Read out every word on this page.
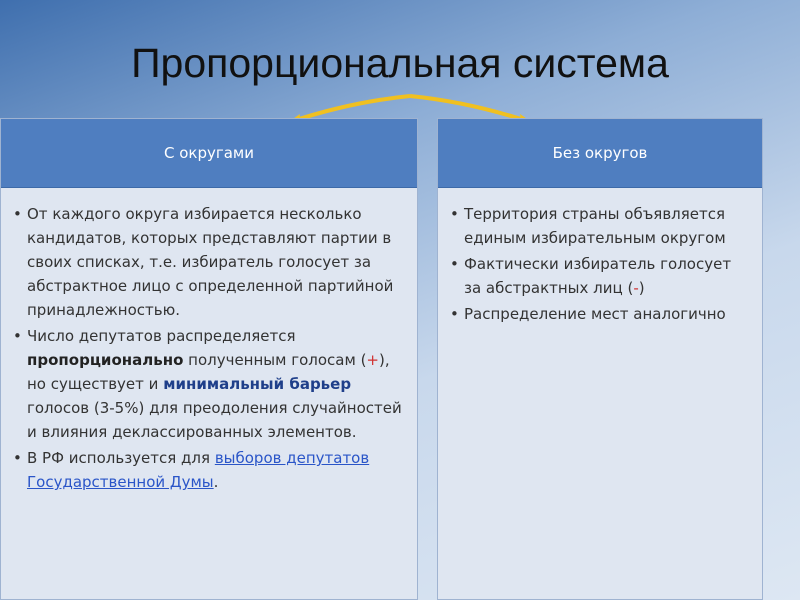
Пропорциональная система
С округами
• От каждого округа избирается несколько кандидатов, которых представляют партии в своих списках, т.е. избиратель голосует за абстрактное лицо с определенной партийной принадлежностью.
• Число депутатов распределяется пропорционально полученным голосам (+), но существует и минимальный барьер голосов (3-5%) для преодоления случайностей и влияния деклассированных элементов.
• В РФ используется для выборов депутатов Государственной Думы.
Без округов
• Территория страны объявляется единым избирательным округом
• Фактически избиратель голосует за абстрактных лиц (-)
• Распределение мест аналогично
